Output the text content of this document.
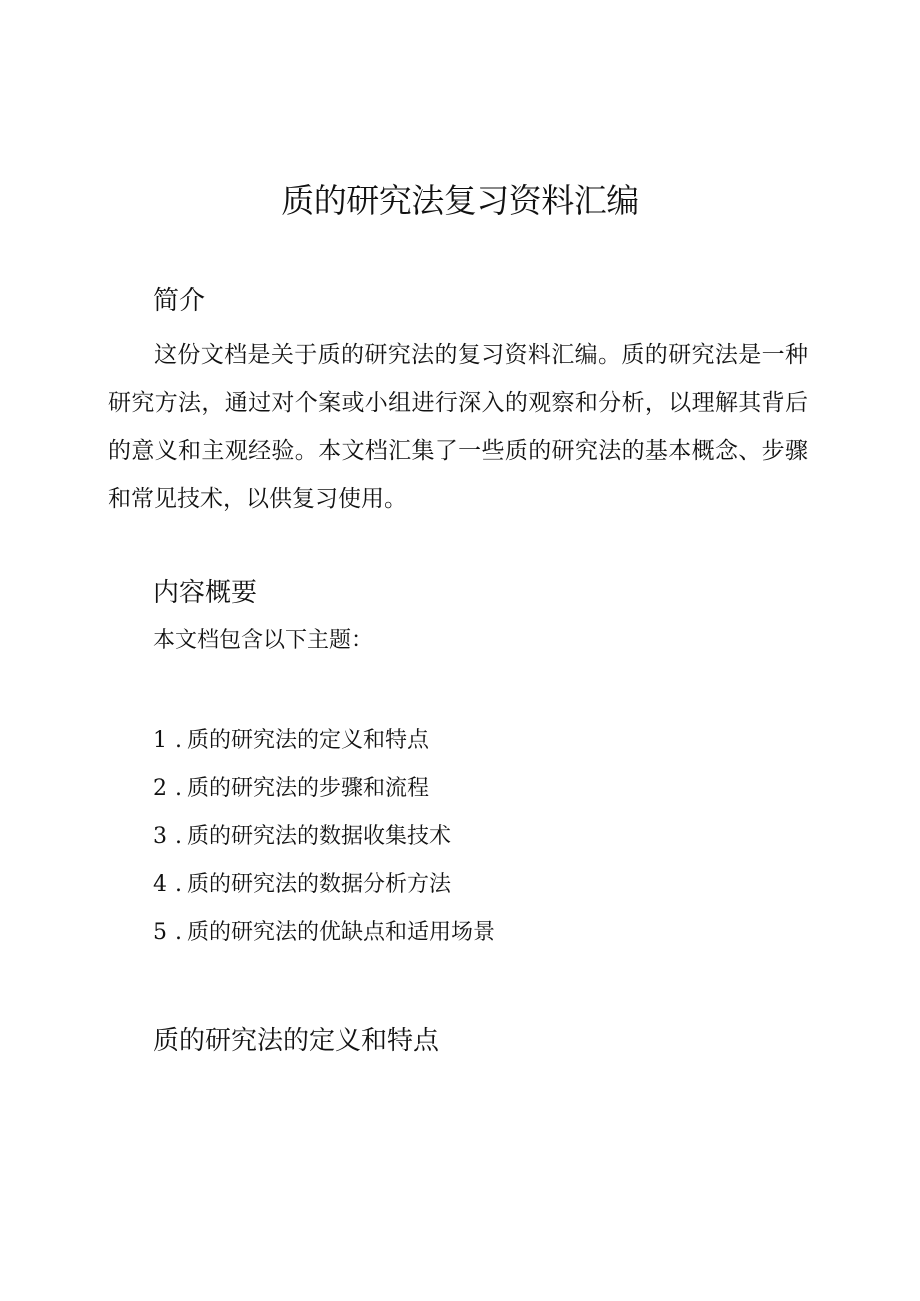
质的研究法复习资料汇编
简介

这份文档是关于质的研究法的复习资料汇编。质的研究法是一种研究方法，通过对个案或小组进行深入的观察和分析，以理解其背后的意义和主观经验。本文档汇集了一些质的研究法的基本概念、步骤和常见技术，以供复习使用。

内容概要

本文档包含以下主题：

1 . 质的研究法的定义和特点
2 . 质的研究法的步骤和流程
3 . 质的研究法的数据收集技术
4 . 质的研究法的数据分析方法
5 . 质的研究法的优缺点和适用场景
质的研究法的定义和特点
